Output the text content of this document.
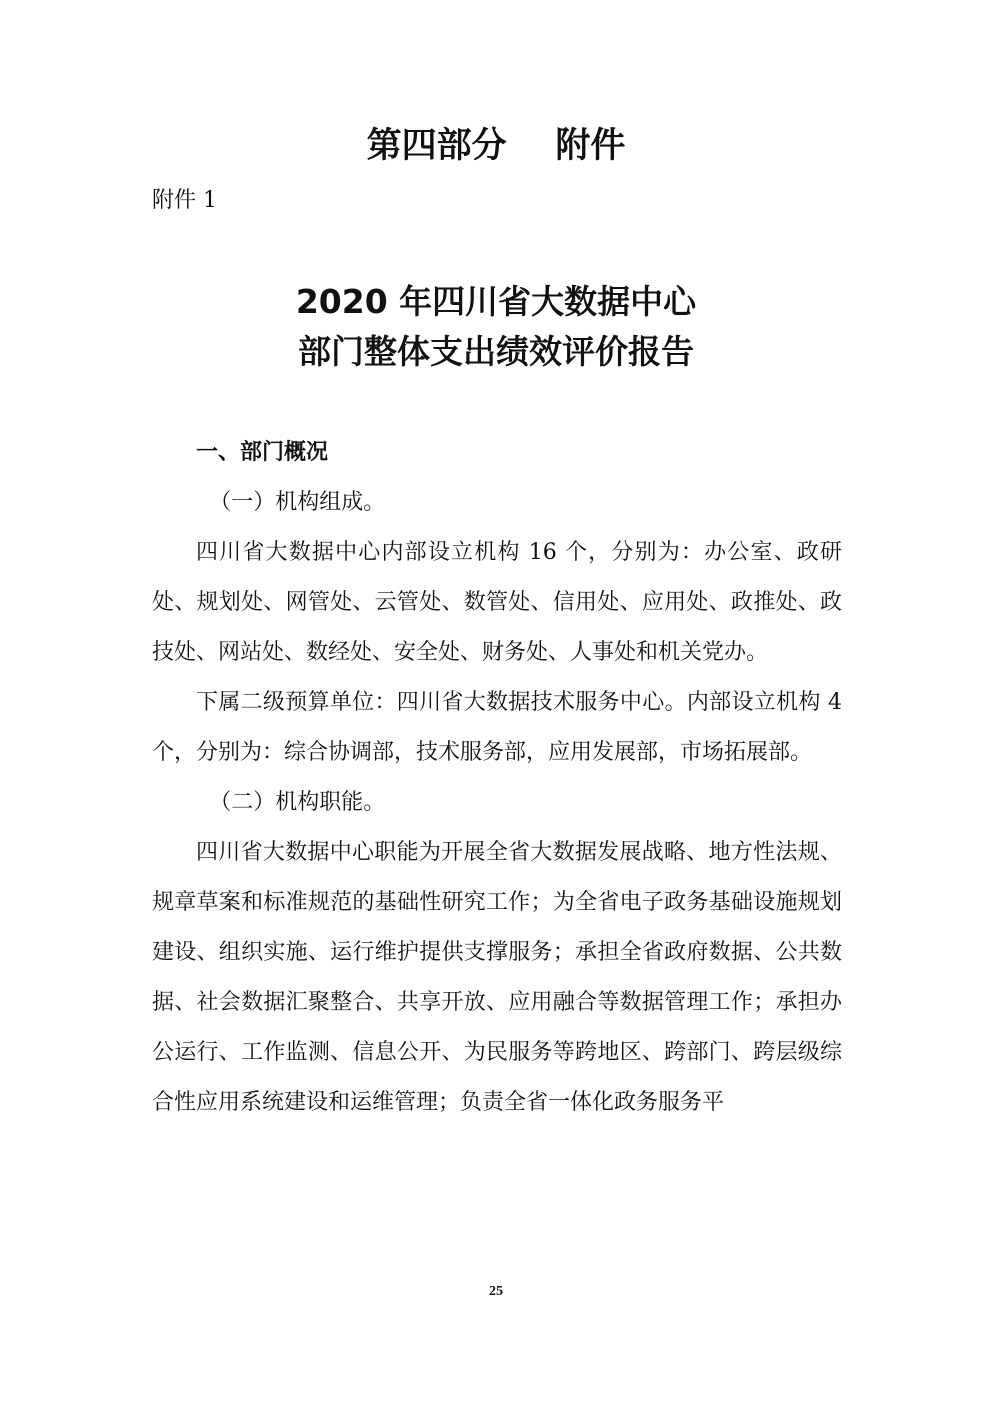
第四部分    附件

附件 1

2020 年四川省大数据中心
部门整体支出绩效评价报告

一、部门概况

（一）机构组成。

四川省大数据中心内部设立机构 16 个，分别为：办公室、政研处、规划处、网管处、云管处、数管处、信用处、应用处、政推处、政技处、网站处、数经处、安全处、财务处、人事处和机关党办。

下属二级预算单位：四川省大数据技术服务中心。内部设立机构 4 个，分别为：综合协调部，技术服务部，应用发展部，市场拓展部。

（二）机构职能。

四川省大数据中心职能为开展全省大数据发展战略、地方性法规、规章草案和标准规范的基础性研究工作；为全省电子政务基础设施规划建设、组织实施、运行维护提供支撑服务；承担全省政府数据、公共数据、社会数据汇聚整合、共享开放、应用融合等数据管理工作；承担办公运行、工作监测、信息公开、为民服务等跨地区、跨部门、跨层级综合性应用系统建设和运维管理；负责全省一体化政务服务平

25
